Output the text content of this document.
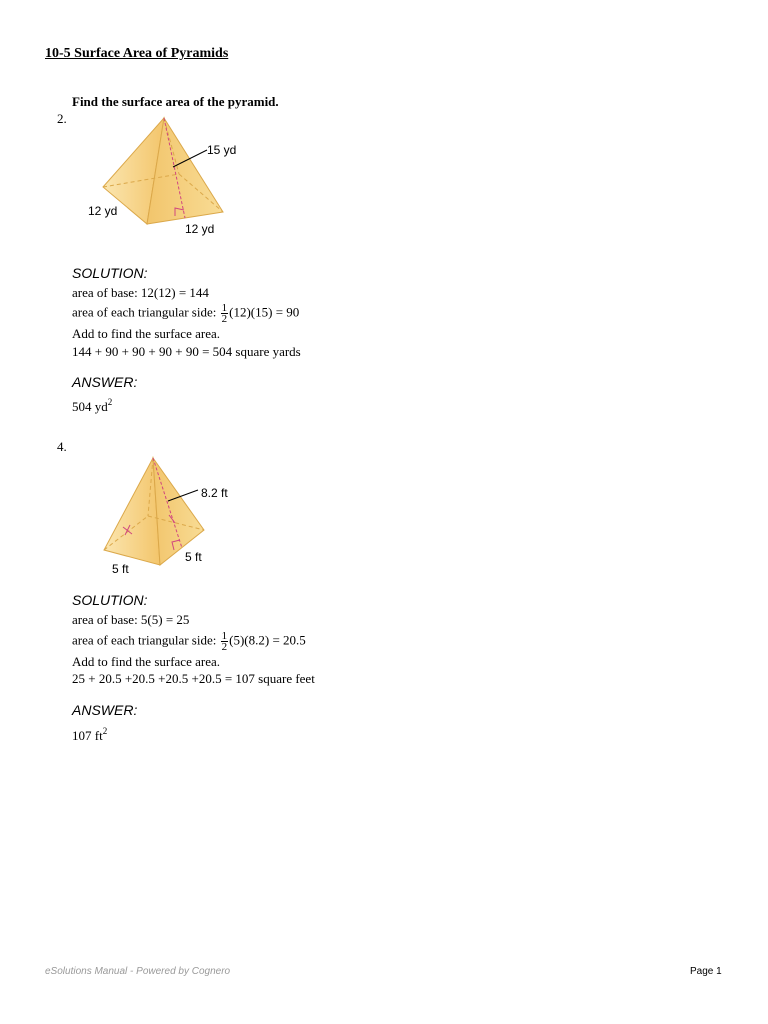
10-5 Surface Area of Pyramids
Find the surface area of the pyramid.
2.
15 yd
12 yd
12 yd
SOLUTION:
area of base: 12(12) = 144
area of each triangular side: $\frac{1}{2} (12)(15) = 90$
Add to find the surface area.
144 + 90 + 90 + 90 + 90 = 504 square yards
ANSWER:
504 $yd^2$
4.
8.2 ft
5 ft
5 ft
SOLUTION:
area of base: 5(5) = 25
area of each triangular side: $\frac{1}{2} (5)(8.2) = 20.5$
Add to find the surface area.
25 + 20.5 +20.5 +20.5 +20.5 = 107 square feet
ANSWER:
107 $ft^2$
eSolutions Manual - Powered by Cognero	Page 1
